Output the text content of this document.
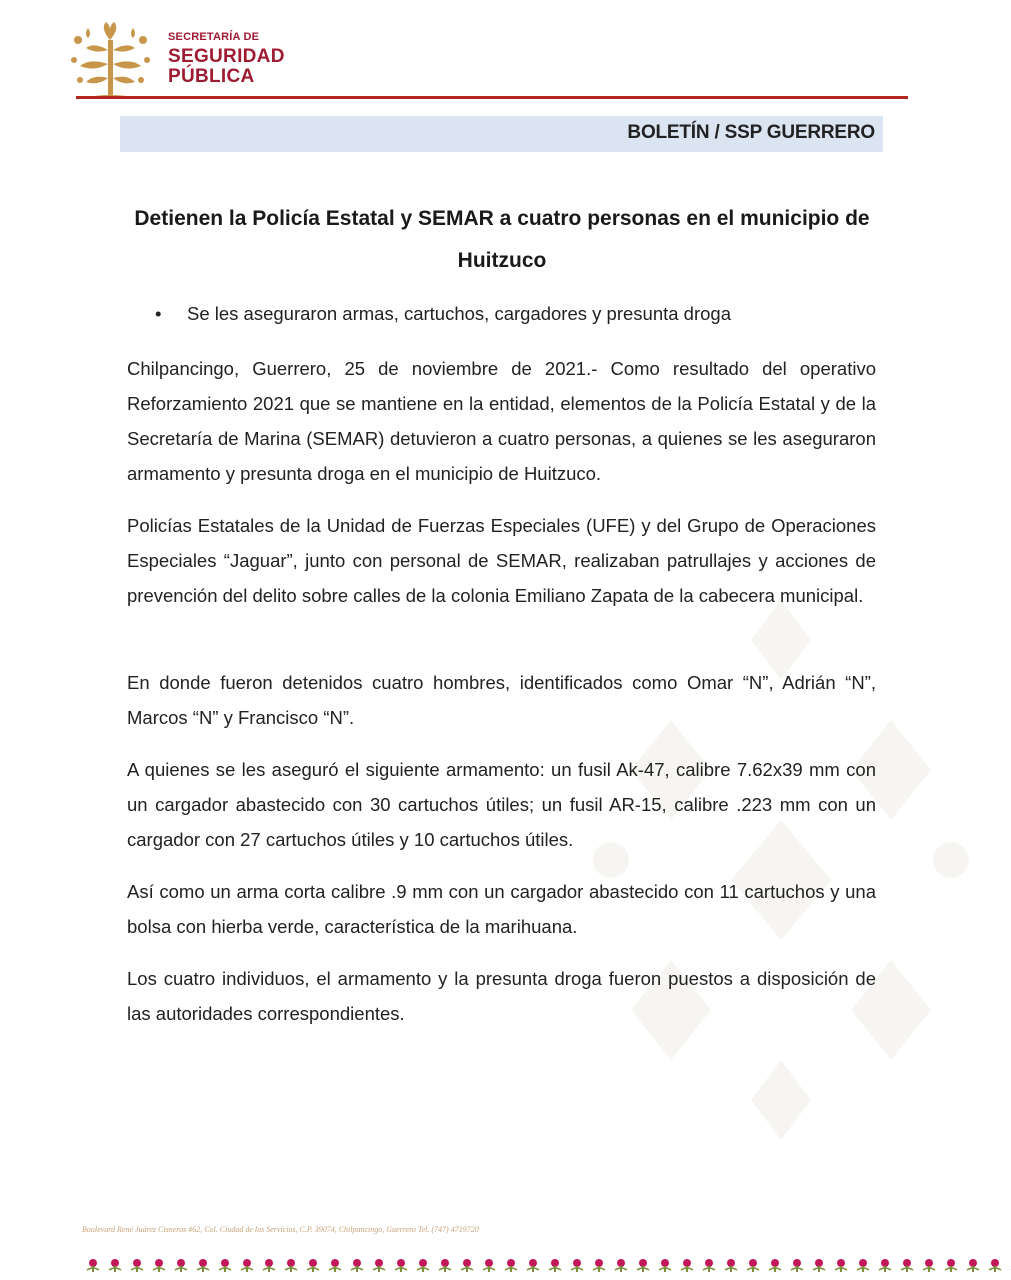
SECRETARÍA DE
SEGURIDAD
PÚBLICA
BOLETÍN / SSP GUERRERO
Detienen la Policía Estatal y SEMAR a cuatro personas en el municipio de Huitzuco
• Se les aseguraron armas, cartuchos, cargadores y presunta droga

Chilpancingo, Guerrero, 25 de noviembre de 2021.- Como resultado del operativo Reforzamiento 2021 que se mantiene en la entidad, elementos de la Policía Estatal y de la Secretaría de Marina (SEMAR) detuvieron a cuatro personas, a quienes se les aseguraron armamento y presunta droga en el municipio de Huitzuco.

Policías Estatales de la Unidad de Fuerzas Especiales (UFE) y del Grupo de Operaciones Especiales “Jaguar”, junto con personal de SEMAR, realizaban patrullajes y acciones de prevención del delito sobre calles de la colonia Emiliano Zapata de la cabecera municipal.

En donde fueron detenidos cuatro hombres, identificados como Omar “N”, Adrián “N”, Marcos “N” y Francisco “N”.

A quienes se les aseguró el siguiente armamento: un fusil Ak-47, calibre 7.62x39 mm con un cargador abastecido con 30 cartuchos útiles; un fusil AR-15, calibre .223 mm con un cargador con 27 cartuchos útiles y 10 cartuchos útiles.

Así como un arma corta calibre .9 mm con un cargador abastecido con 11 cartuchos y una bolsa con hierba verde, característica de la marihuana.

Los cuatro individuos, el armamento y la presunta droga fueron puestos a disposición de las autoridades correspondientes.

Boulevard René Juárez Cisneros #62, Col. Ciudad de los Servicios, C.P. 39074, Chilpancingo, Guerrero Tel. (747) 4719720
